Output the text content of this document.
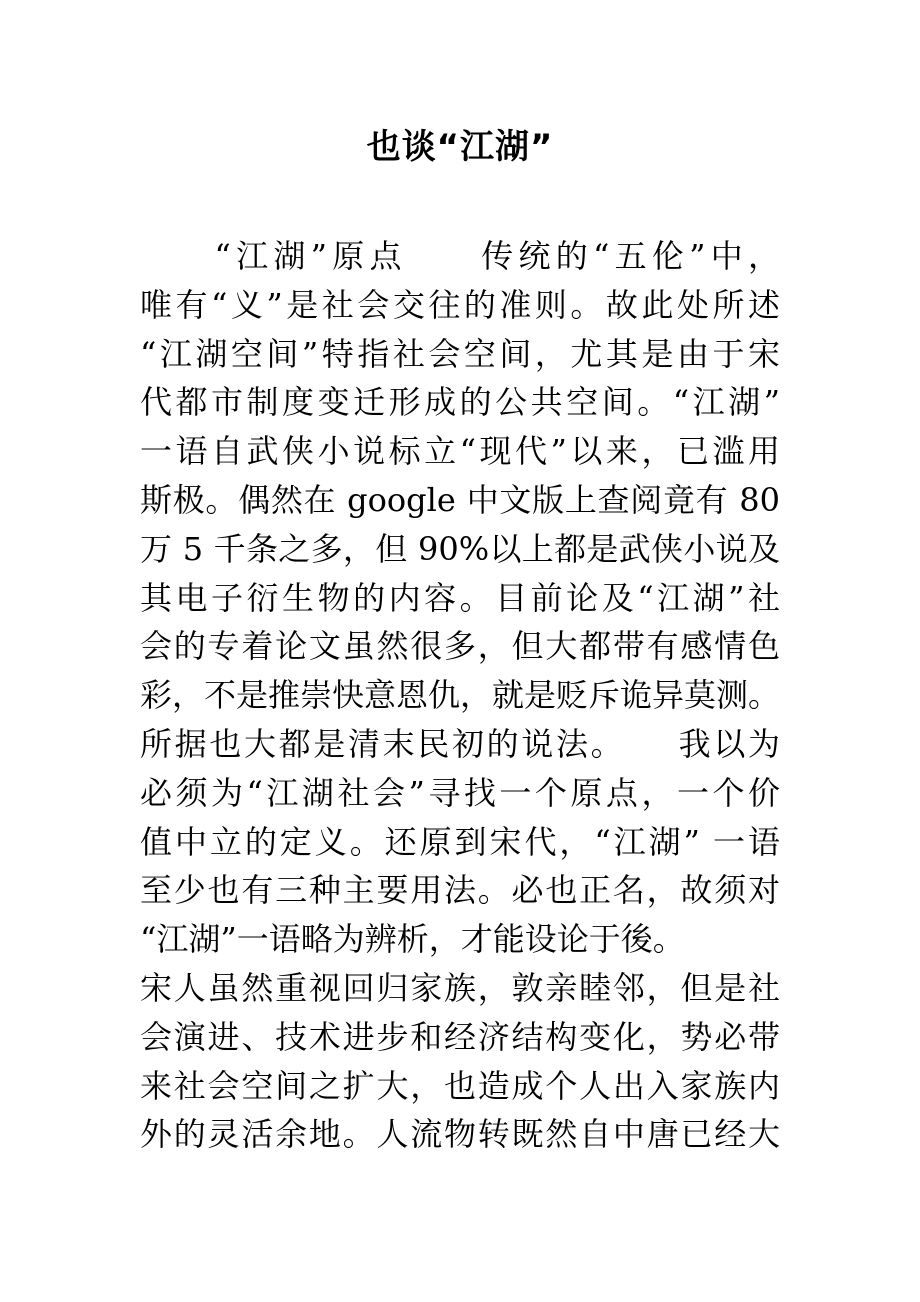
也谈“江湖”
　　“江湖”原点　　传统的“五伦”中，
唯有“义”是社会交往的准则。故此处所述
“江湖空间”特指社会空间，尤其是由于宋
代都市制度变迁形成的公共空间。“江湖”
一语自武侠小说标立“现代”以来，已滥用
斯极。偶然在 google 中文版上查阅竟有 80
万 5 千条之多，但 90%以上都是武侠小说及
其电子衍生物的内容。目前论及“江湖”社
会的专着论文虽然很多，但大都带有感情色
彩，不是推崇快意恩仇，就是贬斥诡异莫测。
所据也大都是清末民初的说法。　　我以为
必须为“江湖社会”寻找一个原点，一个价
值中立的定义。还原到宋代，“江湖” 一语
至少也有三种主要用法。必也正名，故须对
“江湖”一语略为辨析，才能设论于後。
宋人虽然重视回归家族，敦亲睦邻，但是社
会演进、技术进步和经济结构变化，势必带
来社会空间之扩大，也造成个人出入家族内
外的灵活余地。人流物转既然自中唐已经大
